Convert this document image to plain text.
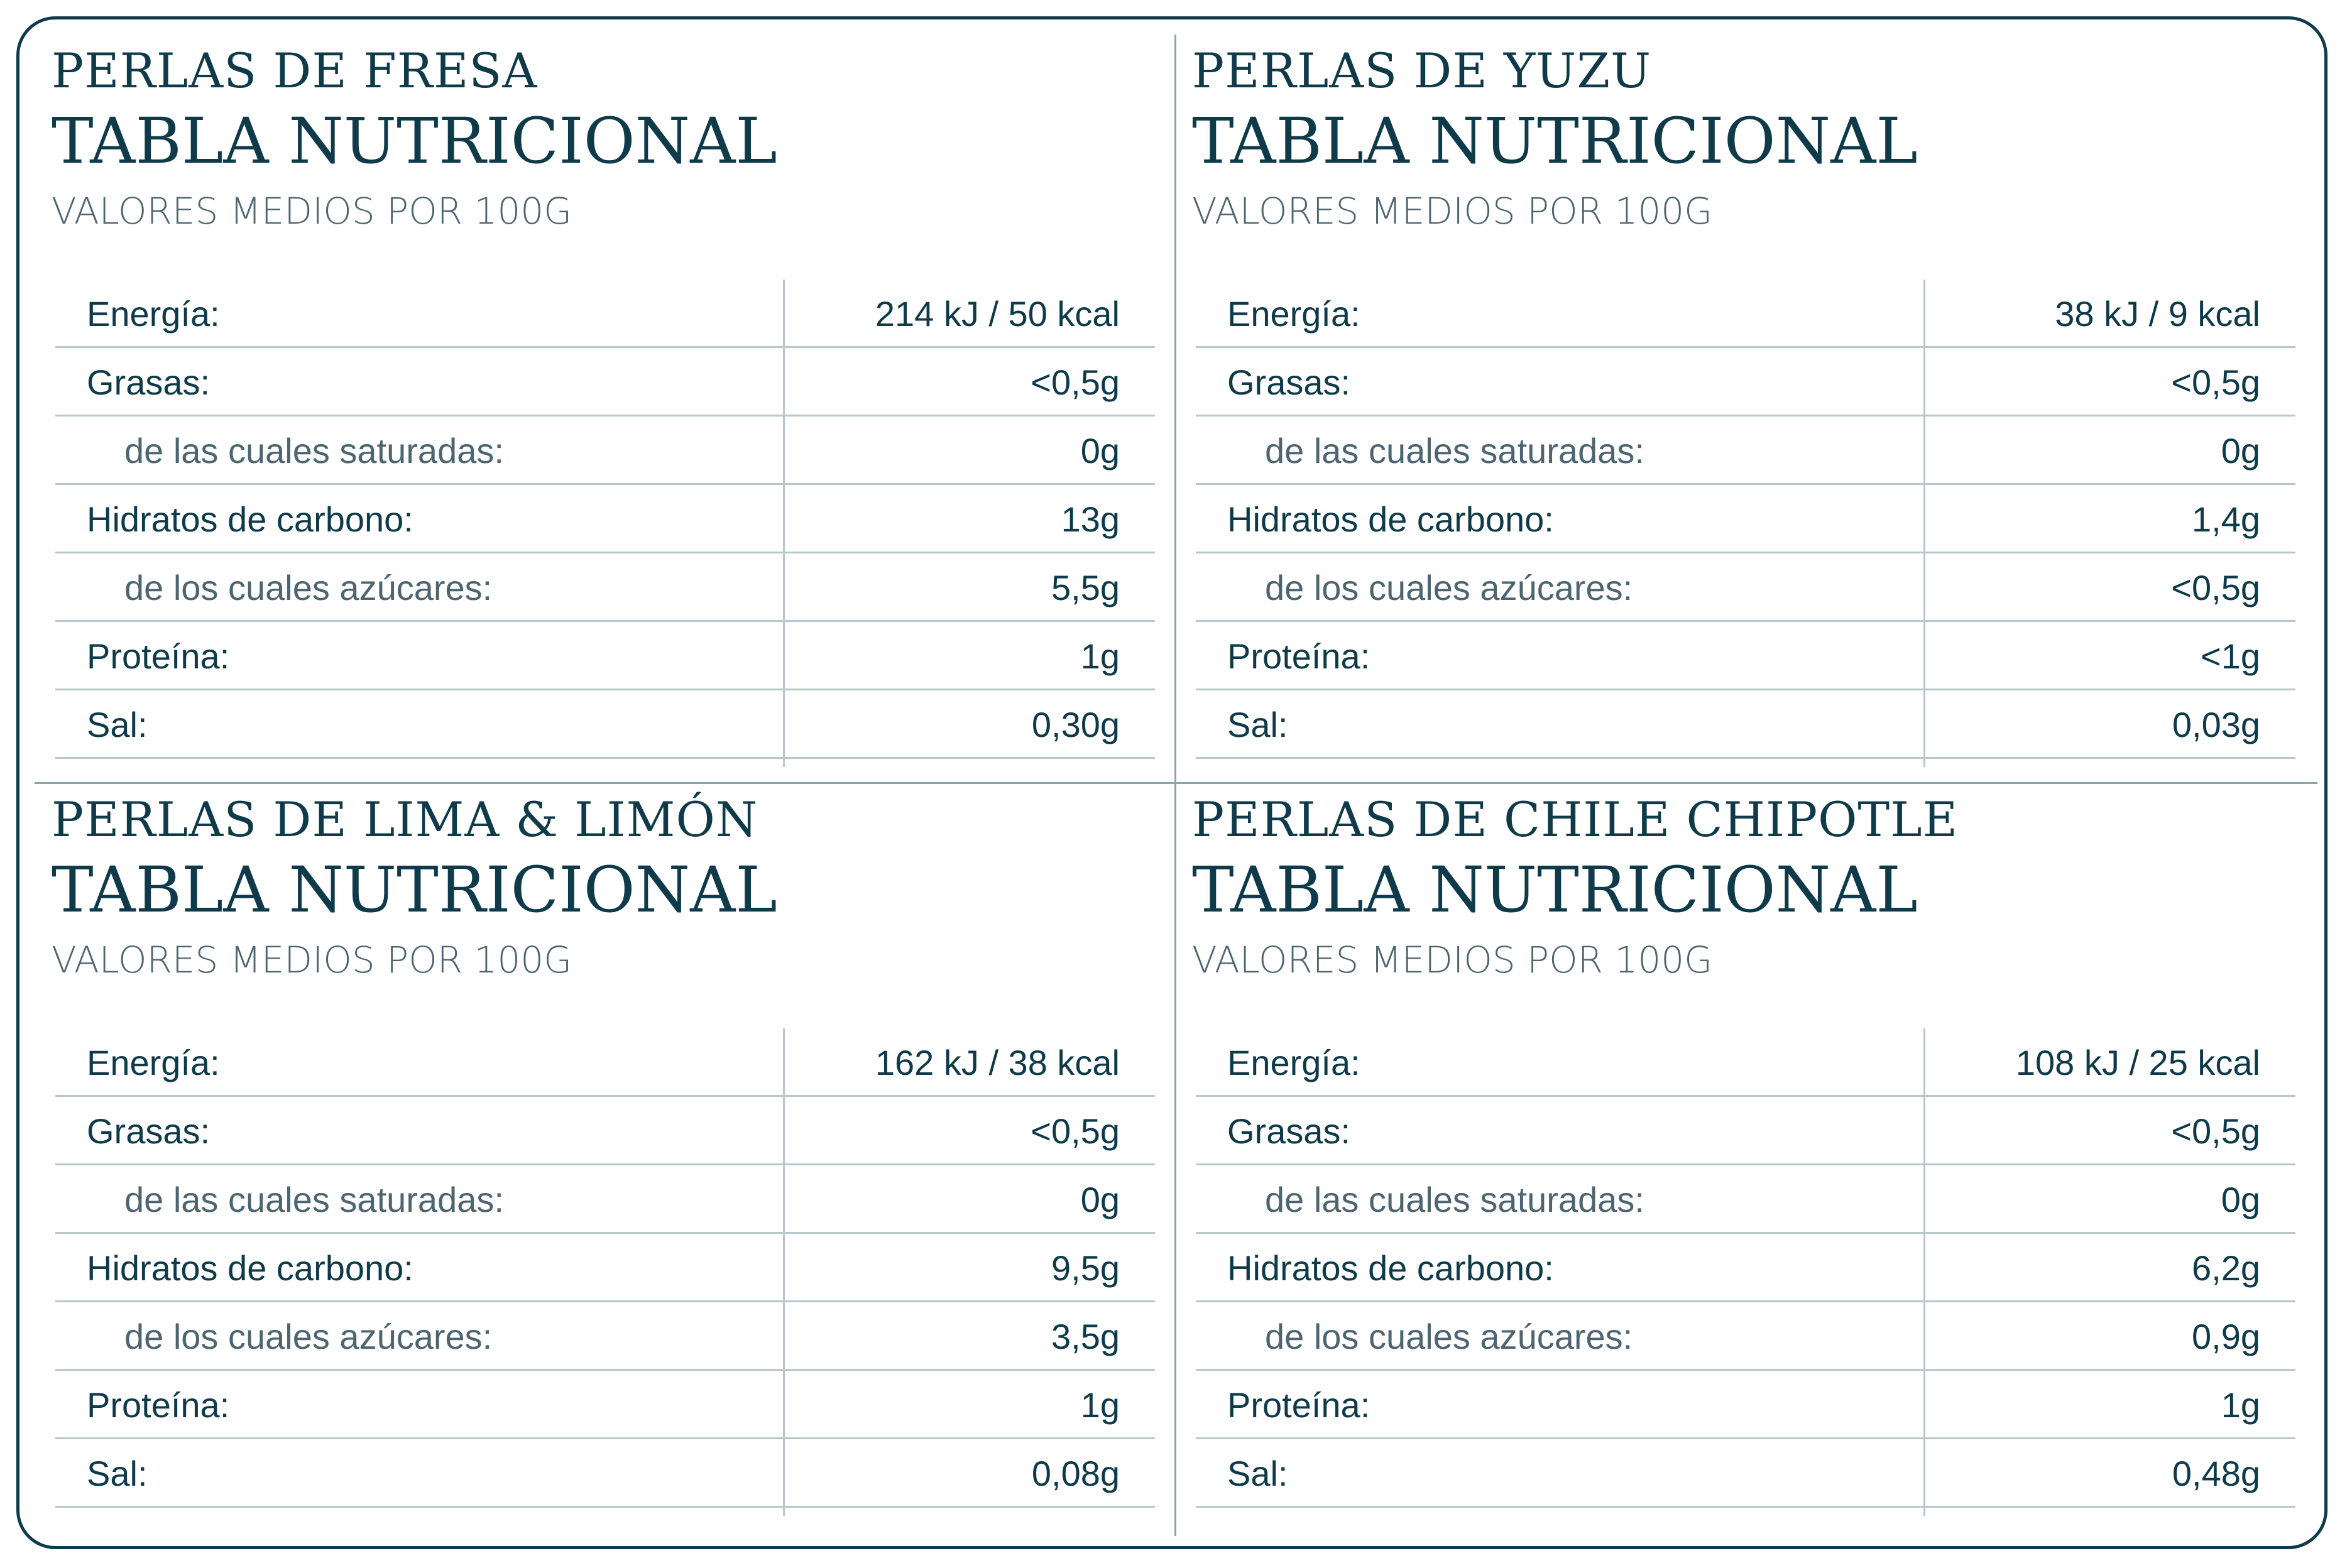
PERLAS DE FRESA
TABLA NUTRICIONAL
VALORES MEDIOS POR 100G
Energía:	214 kJ / 50 kcal
Grasas:	<0,5g
de las cuales saturadas:	0g
Hidratos de carbono:	13g
de los cuales azúcares:	5,5g
Proteína:	1g
Sal:	0,30g
PERLAS DE YUZU
TABLA NUTRICIONAL
VALORES MEDIOS POR 100G
Energía:	38 kJ / 9 kcal
Grasas:	<0,5g
de las cuales saturadas:	0g
Hidratos de carbono:	1,4g
de los cuales azúcares:	<0,5g
Proteína:	<1g
Sal:	0,03g
PERLAS DE LIMA & LIMÓN
TABLA NUTRICIONAL
VALORES MEDIOS POR 100G
Energía:	162 kJ / 38 kcal
Grasas:	<0,5g
de las cuales saturadas:	0g
Hidratos de carbono:	9,5g
de los cuales azúcares:	3,5g
Proteína:	1g
Sal:	0,08g
PERLAS DE CHILE CHIPOTLE
TABLA NUTRICIONAL
VALORES MEDIOS POR 100G
Energía:	108 kJ / 25 kcal
Grasas:	<0,5g
de las cuales saturadas:	0g
Hidratos de carbono:	6,2g
de los cuales azúcares:	0,9g
Proteína:	1g
Sal:	0,48g
